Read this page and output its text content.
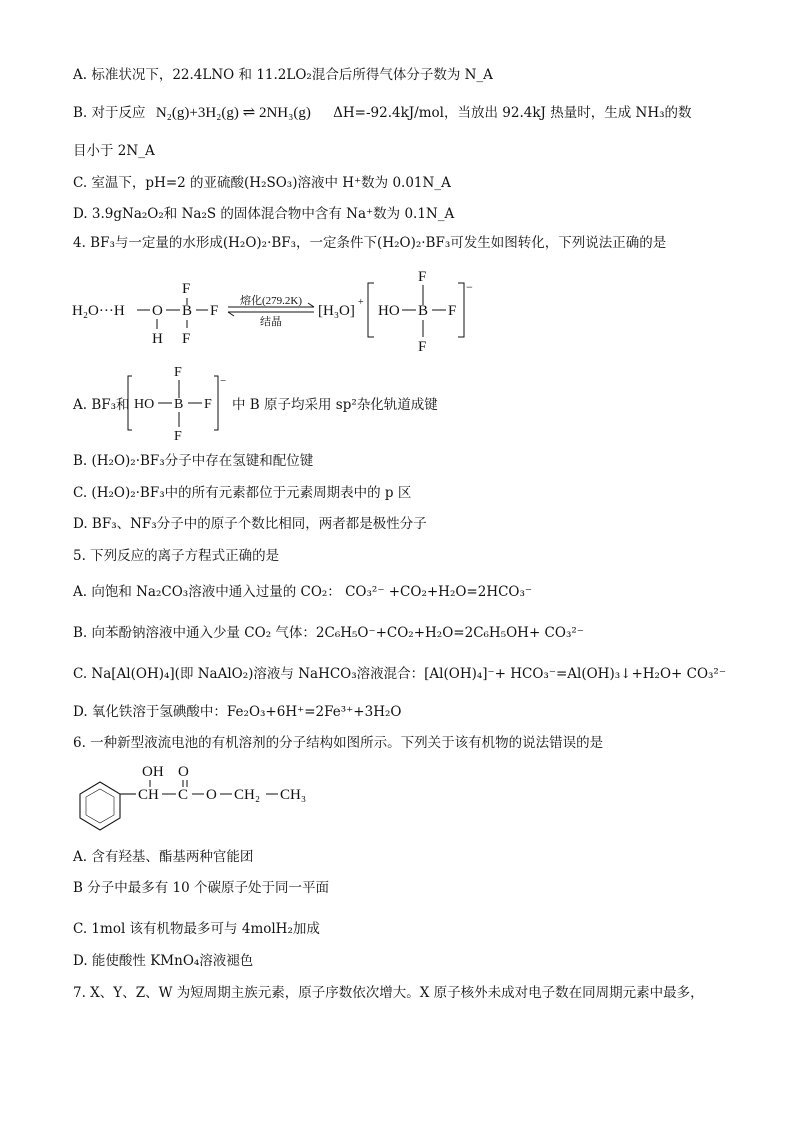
A. 标准状况下，22.4LNO 和 11.2LO₂混合后所得气体分子数为 N_A
B. 对于反应 N₂(g)+3H₂(g) ⇌ 2NH₃(g) ΔH=-92.4kJ/mol，当放出 92.4kJ 热量时，生成 NH₃的数
目小于 2N_A
C. 室温下，pH=2 的亚硫酸(H₂SO₃)溶液中 H⁺数为 0.01N_A
D. 3.9gNa₂O₂和 Na₂S 的固体混合物中含有 Na⁺数为 0.1N_A
4. BF₃与一定量的水形成(H₂O)₂·BF₃，一定条件下(H₂O)₂·BF₃可发生如图转化，下列说法正确的是
H₂O···H O
H
B
F
F
F
熔化(279.2K)
结晶
[H₃O]
+
HO B
F
F
F
−
A. BF₃和 HO B
F
F
F
−
中 B 原子均采用 sp²杂化轨道成键
B. (H₂O)₂·BF₃分子中存在氢键和配位键
C. (H₂O)₂·BF₃中的所有元素都位于元素周期表中的 p 区
D. BF₃、NF₃分子中的原子个数比相同，两者都是极性分子
5. 下列反应的离子方程式正确的是
A. 向饱和 Na₂CO₃溶液中通入过量的 CO₂： CO₃²⁻ +CO₂+H₂O=2HCO₃⁻
B. 向苯酚钠溶液中通入少量 CO₂ 气体：2C₆H₅O⁻+CO₂+H₂O=2C₆H₅OH+ CO₃²⁻
C. Na[Al(OH)₄](即 NaAlO₂)溶液与 NaHCO₃溶液混合：[Al(OH)₄]⁻+ HCO₃⁻=Al(OH)₃↓+H₂O+ CO₃²⁻
D. 氧化铁溶于氢碘酸中：Fe₂O₃+6H⁺=2Fe³⁺+3H₂O
6. 一种新型液流电池的有机溶剂的分子结构如图所示。下列关于该有机物的说法错误的是
CH
OH
C
O
O CH₂ CH₃
A. 含有羟基、酯基两种官能团
B 分子中最多有 10 个碳原子处于同一平面
C. 1mol 该有机物最多可与 4molH₂加成
D. 能使酸性 KMnO₄溶液褪色
7. X、Y、Z、W 为短周期主族元素，原子序数依次增大。X 原子核外未成对电子数在同周期元素中最多，
